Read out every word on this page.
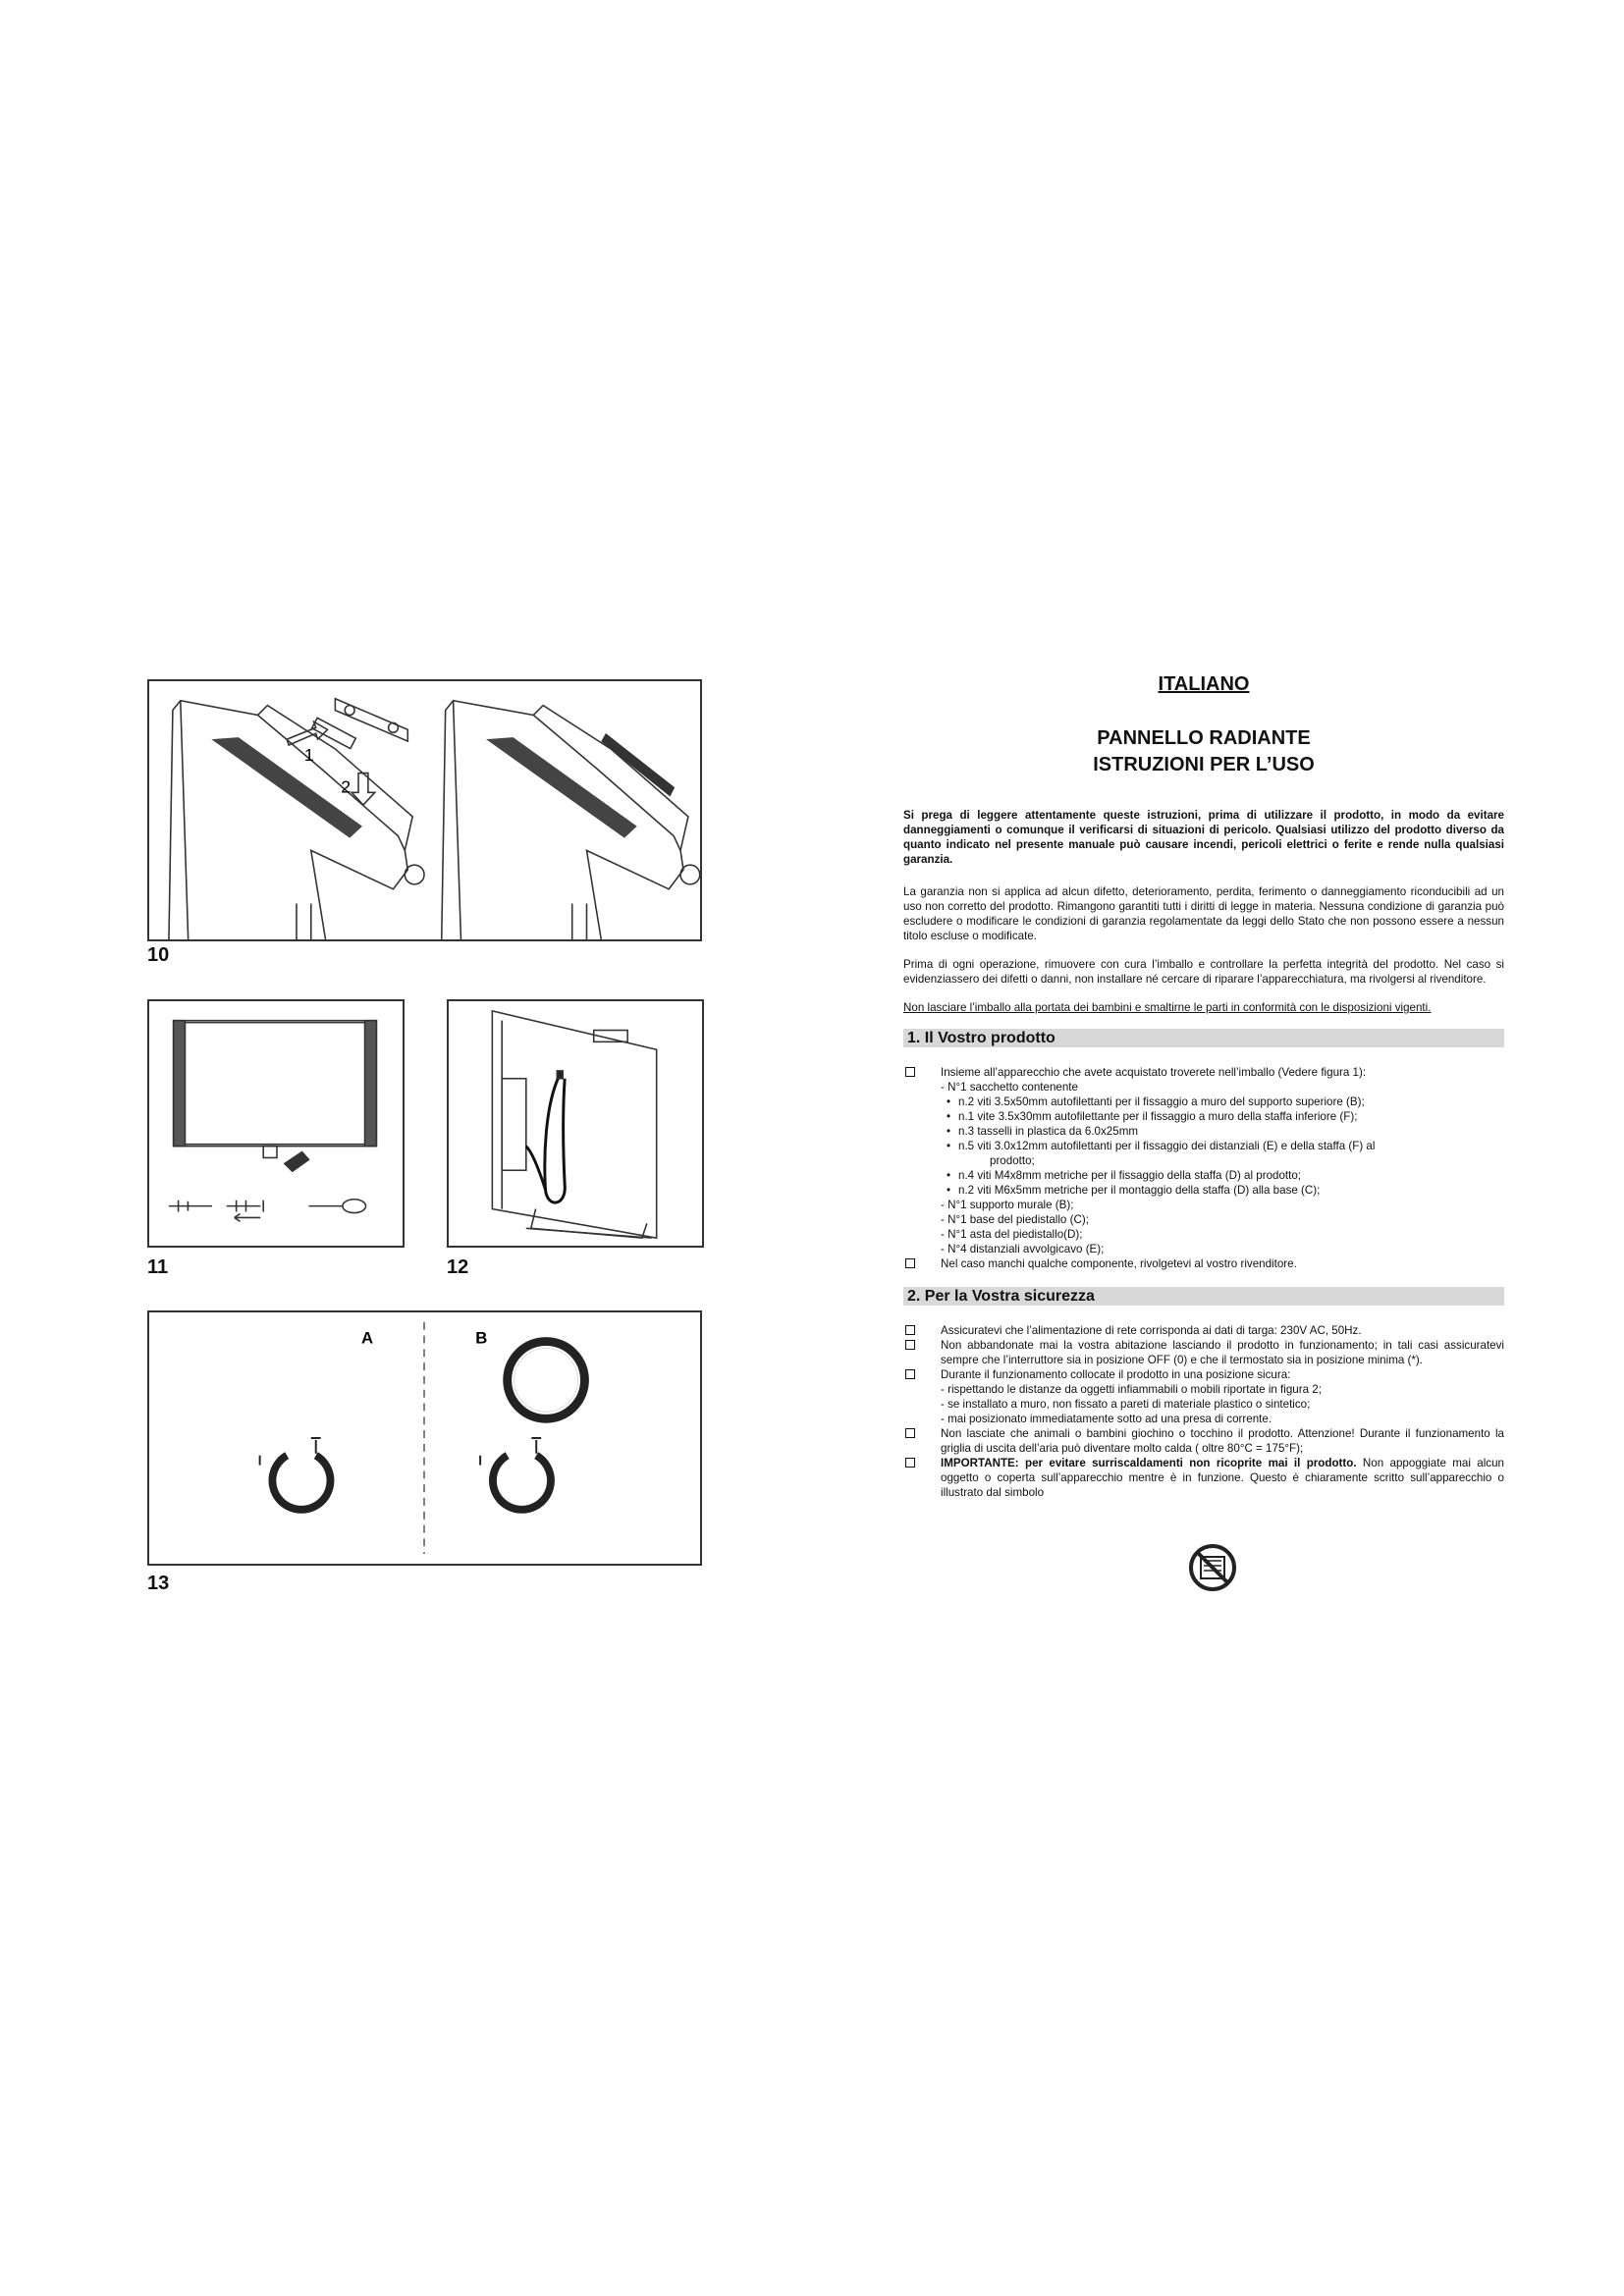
1
2
10
11	12
A	B
13
ITALIANO
PANNELLO RADIANTE
ISTRUZIONI PER L’USO

Si prega di leggere attentamente queste istruzioni, prima di utilizzare il prodotto, in modo da evitare danneggiamenti o comunque il verificarsi di situazioni di pericolo. Qualsiasi utilizzo del prodotto diverso da quanto indicato nel presente manuale può causare incendi, pericoli elettrici o ferite e rende nulla qualsiasi garanzia.

La garanzia non si applica ad alcun difetto, deterioramento, perdita, ferimento o danneggiamento riconducibili ad un uso non corretto del prodotto. Rimangono garantiti tutti i diritti di legge in materia. Nessuna condizione di garanzia può escludere o modificare le condizioni di garanzia regolamentate da leggi dello Stato che non possono essere a nessun titolo escluse o modificate.

Prima di ogni operazione, rimuovere con cura l’imballo e controllare la perfetta integrità del prodotto. Nel caso si evidenziassero dei difetti o danni, non installare né cercare di riparare l’apparecchiatura, ma rivolgersi al rivenditore.

Non lasciare l’imballo alla portata dei bambini e smaltirne le parti in conformità con le disposizioni vigenti.

1. Il Vostro prodotto
Insieme all’apparecchio che avete acquistato troverete nell’imballo (Vedere figura 1):

- N°1 sacchetto contenente

• n.2 viti 3.5x50mm autofilettanti per il fissaggio a muro del supporto superiore (B);

• n.1 vite 3.5x30mm autofilettante per il fissaggio a muro della staffa inferiore (F);

• n.3 tasselli in plastica da 6.0x25mm

• n.5 viti 3.0x12mm autofilettanti per il fissaggio dei distanziali (E) e della staffa (F) al

prodotto;

• n.4 viti M4x8mm metriche per il fissaggio della staffa (D) al prodotto;

• n.2 viti M6x5mm metriche per il montaggio della staffa (D) alla base (C);

- N°1 supporto murale (B);

- N°1 base del piedistallo (C);

- N°1 asta del piedistallo(D);

- N°4 distanziali avvolgicavo (E);

Nel caso manchi qualche componente, rivolgetevi al vostro rivenditore.
2. Per la Vostra sicurezza
Assicuratevi che l’alimentazione di rete corrisponda ai dati di targa: 230V AC, 50Hz.
Non abbandonate mai la vostra abitazione lasciando il prodotto in funzionamento; in tali casi assicuratevi sempre che l’interruttore sia in posizione OFF (0) e che il termostato sia in posizione minima (*).
Durante il funzionamento collocate il prodotto in una posizione sicura:

- rispettando le distanze da oggetti infiammabili o mobili riportate in figura 2;

- se installato a muro, non fissato a pareti di materiale plastico o sintetico;

- mai posizionato immediatamente sotto ad una presa di corrente.

Non lasciate che animali o bambini giochino o tocchino il prodotto. Attenzione! Durante il funzionamento la griglia di uscita dell’aria può diventare molto calda ( oltre 80°C = 175°F);
IMPORTANTE: per evitare surriscaldamenti non ricoprite mai il prodotto. Non appoggiate mai alcun oggetto o coperta sull’apparecchio mentre è in funzione. Questo è chiaramente scritto sull’apparecchio o illustrato dal simbolo
